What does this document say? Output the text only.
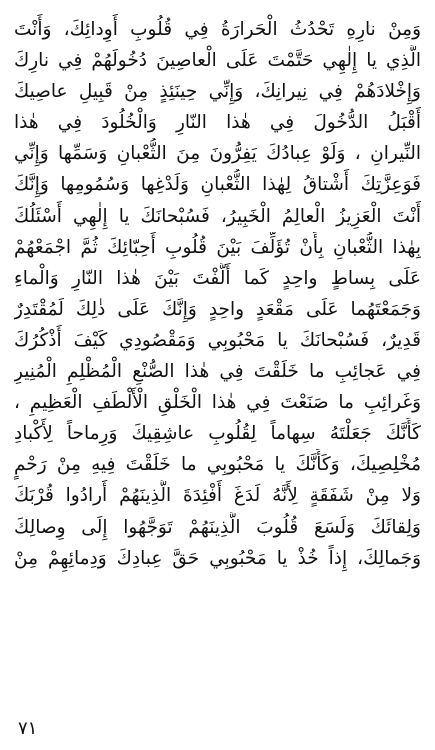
وَمِنْ نارِهِ تَحْدُثُ الْحَرارَةُ فِي قُلُوبِ أَوِدائِكَ، وَأَنْتَ
الَّذِي يا إِلٰهِي حَتَّمْتَ عَلَى الْعاصِينَ دُخُولَهُمْ فِي نارِكَ
وَإِخْلادَهُمْ فِي نِيرانِكَ، وَإِنِّي حِينَئِذٍ مِنْ قَبِيلِ عاصِيكَ
أَقْبَلُ الدُّخُولَ فِي هٰذا النّارِ وَالْخُلُودَ فِي هٰذا
النِّيرانِ ، وَلَوْ عِبادُكَ يَفِرُّونَ مِنَ الثُّعْبانِ وَسَمِّها وَإِنِّي
فَوَعِزَّتِكَ أَشْتاقُ لِهٰذا الثُّعْبانِ وَلَدْغِها وَسُمُومِها وَإِنَّكَ
أَنْتَ الْعَزِيزُ الْعالِمُ الْخَبِيرُ، فَسُبْحانَكَ يا إِلٰهِي أَسْئَلُكَ
بِهٰذا الثُّعْبانِ بِأَنْ تُؤَلِّفَ بَيْنَ قُلُوبِ أَحِبّائِكَ ثُمَّ اجْمَعْهُمْ
عَلَى بِساطٍ واحِدٍ كَما أَلَّفْتَ بَيْنَ هٰذا النّارِ وَالْماءِ
وَجَمَعْتَهُما عَلَى مَقْعَدٍ واحِدٍ وَإِنَّكَ عَلَى ذٰلِكَ لَمُقْتَدِرٌ
قَدِيرٌ، فَسُبْحانَكَ يا مَحْبُوبِي وَمَقْصُودِي كَيْفَ أَذْكُرُكَ
فِي عَجائِبِ ما خَلَقْتَ فِي هٰذا الصُّنْعِ الْمُظْلِمِ الْمُنِيرِ
وَغَرائِبِ ما صَنَعْتَ فِي هٰذا الْخَلْقِ الْأَلْطَفِ الْعَظِيمِ ،
كَأَنَّكَ جَعَلْتَهُ سِهاماً لِقُلُوبِ عاشِقِيكَ وَرِماحاً لِأَكْبادِ
مُخْلِصِيكَ، وَكَأَنَّكَ يا مَحْبُوبِي ما خَلَقْتَ فِيهِ مِنْ رَحْمٍ
وَلا مِنْ شَفَقَةٍ لِأَنَّهُ لَدَغَ أَفْئِدَةَ الَّذِينَهُمْ أَرادُوا قُرْبَكَ
وَلِقائَكَ وَلَسَعَ قُلُوبَ الَّذِينَهُمْ تَوَجَّهُوا إِلَى وِصالِكَ
وَجَمالِكَ، إِذاً خُذْ يا مَحْبُوبِي حَقَّ عِبادِكَ وَدِمائِهِمْ مِنْ
٧١
